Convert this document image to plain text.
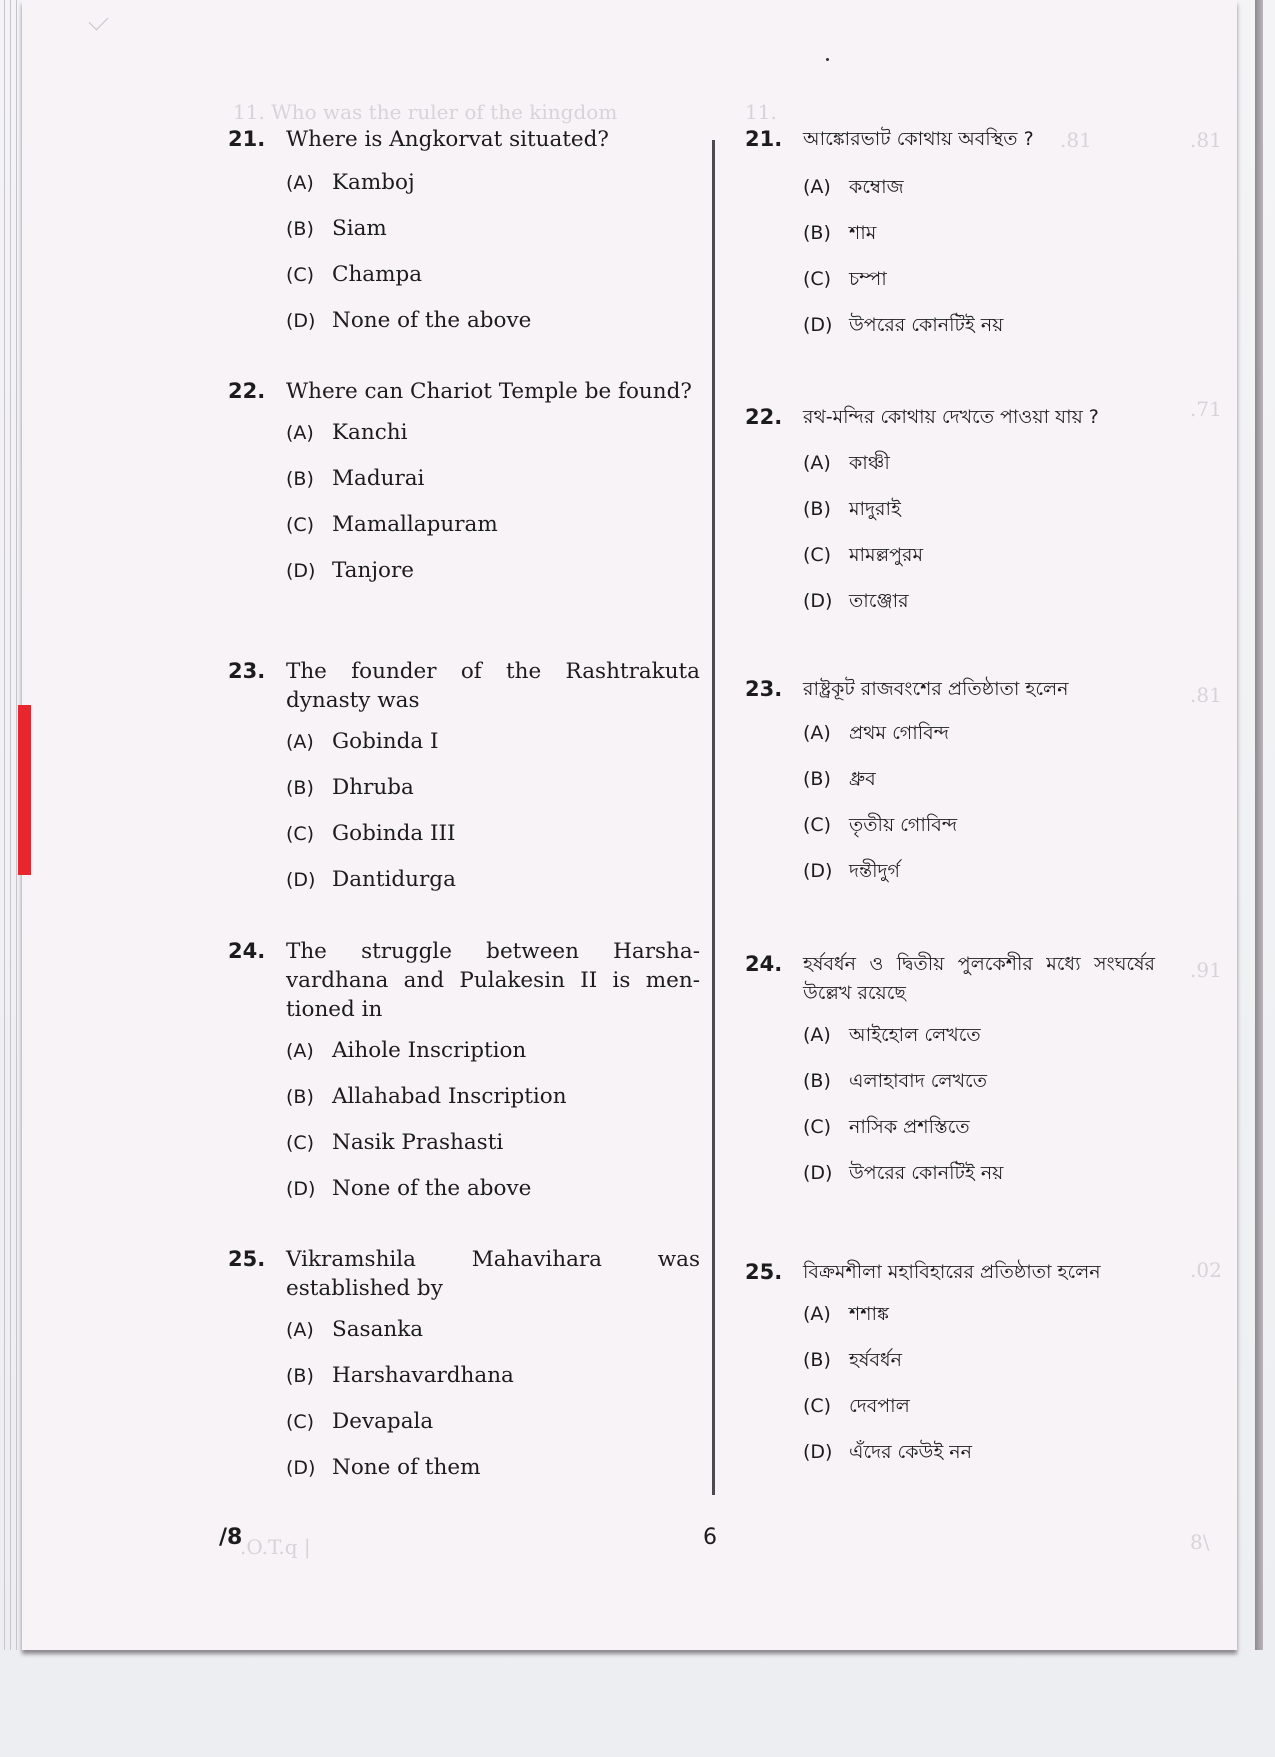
11. Who was the ruler of the kingdom	11.
.81	.81
.71
.81
.91
.02
8\
.O.T.q |
21. Where is Angkorvat situated?
(A) Kamboj
(B) Siam
(C) Champa
(D) None of the above
22. Where can Chariot Temple be found?
(A) Kanchi
(B) Madurai
(C) Mamallapuram
(D) Tanjore
23. The founder of the Rashtrakuta dynasty was
(A) Gobinda I
(B) Dhruba
(C) Gobinda III
(D) Dantidurga
24. The struggle between Harsha-vardhana and Pulakesin II is men-tioned in
(A) Aihole Inscription
(B) Allahabad Inscription
(C) Nasik Prashasti
(D) None of the above
25. Vikramshila Mahavihara was established by
(A) Sasanka
(B) Harshavardhana
(C) Devapala
(D) None of them
21.	আঙ্কোরভাট কোথায় অবস্থিত ?
(A) কম্বোজ
(B) শাম
(C) চম্পা
(D) উপরের কোনটিই নয়
22.	রথ-মন্দির কোথায় দেখতে পাওয়া যায় ?
(A) কাঞ্চী
(B) মাদুরাই
(C) মামল্লপুরম
(D) তাঞ্জোর
23.	রাষ্ট্রকূট রাজবংশের প্রতিষ্ঠাতা হলেন
(A) প্রথম গোবিন্দ
(B) ধ্রুব
(C) তৃতীয় গোবিন্দ
(D) দন্তীদুর্গ
24.	হর্ষবর্ধন ও দ্বিতীয় পুলকেশীর মধ্যে সংঘর্ষের উল্লেখ রয়েছে
(A) আইহোল লেখতে
(B) এলাহাবাদ লেখতে
(C) নাসিক প্রশস্তিতে
(D) উপরের কোনটিই নয়
25.	বিক্রমশীলা মহাবিহারের প্রতিষ্ঠাতা হলেন
(A) শশাঙ্ক
(B) হর্ষবর্ধন
(C) দেবপাল
(D) এঁদের কেউই নন
/8	6
